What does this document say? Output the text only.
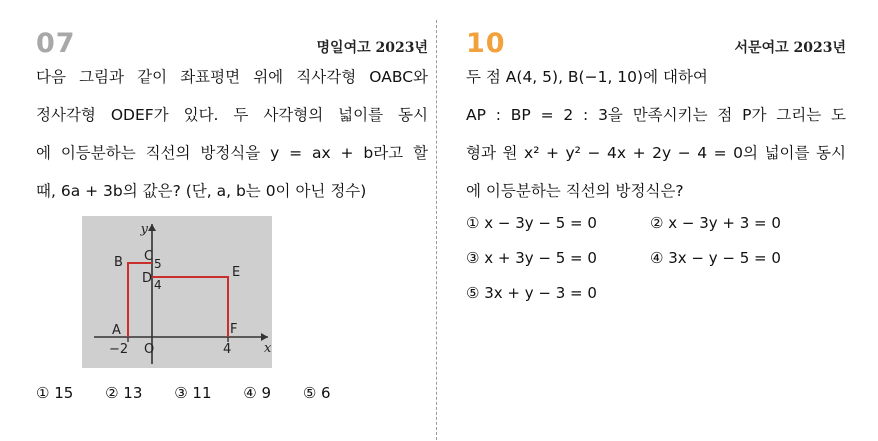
07	명일여고 2023년
다음 그림과 같이 좌표평면 위에 직사각형 OABC와
정사각형 ODEF가 있다. 두 사각형의 넓이를 동시
에 이등분하는 직선의 방정식을 y = ax + b라고 할
때, 6a + 3b의 값은? (단, a, b는 0이 아닌 정수)
y
x
B C 5
D 4
E
A	F
−2 O	4
① 15 ② 13 ③ 11 ④ 9 ⑤ 6
10	서문여고 2023년
두 점 A(4, 5), B(−1, 10)에 대하여
AP : BP = 2 : 3을 만족시키는 점 P가 그리는 도
형과 원 x² + y² − 4x + 2y − 4 = 0의 넓이를 동시
에 이등분하는 직선의 방정식은?
① x − 3y − 5 = 0	② x − 3y + 3 = 0
③ x + 3y − 5 = 0	④ 3x − y − 5 = 0
⑤ 3x + y − 3 = 0
